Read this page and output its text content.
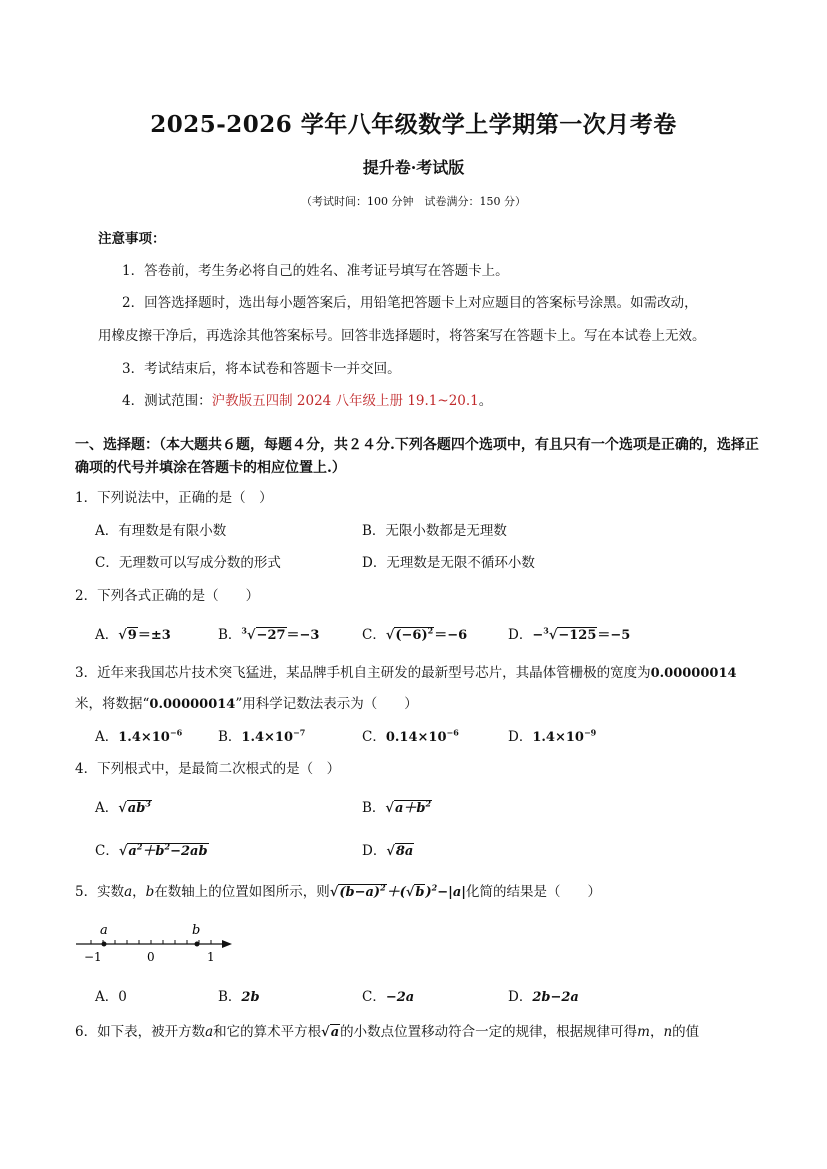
2025-2026 学年八年级数学上学期第一次月考卷
提升卷·考试版
（考试时间：100 分钟　试卷满分：150 分）
注意事项：
1．答卷前，考生务必将自己的姓名、准考证号填写在答题卡上。
2．回答选择题时，选出每小题答案后，用铅笔把答题卡上对应题目的答案标号涂黑。如需改动，
用橡皮擦干净后，再选涂其他答案标号。回答非选择题时，将答案写在答题卡上。写在本试卷上无效。
3．考试结束后，将本试卷和答题卡一并交回。
4．测试范围：沪教版五四制 2024 八年级上册 19.1~20.1。
一、选择题：（本大题共６题，每题４分，共２４分.下列各题四个选项中，有且只有一个选项是正确的，选择正确项的代号并填涂在答题卡的相应位置上.）
1．下列说法中，正确的是（　）
A．有理数是有限小数	B．无限小数都是无理数
C．无理数可以写成分数的形式	D．无理数是无限不循环小数
2．下列各式正确的是（　　）
A．√9＝±3	B．$^3$√−27＝−3	C．$√(-6)^2=-6$	D．−$^3$√−125＝−5
3．近年来我国芯片技术突飞猛进，某品牌手机自主研发的最新型号芯片，其晶体管栅极的宽度为0.00000014
米，将数据“0.00000014”用科学记数法表示为（　　）
A．$1.4\times 10^{-6}$	B．$1.4\times 10^{-7}$	C．$0.14\times 10^{-6}$	D．$1.4\times 10^{-9}$
4．下列根式中，是最简二次根式的是（　）
A．$√ab^3$	B．$√a+b^2$
C．$√a^2+b^2-2ab$	D．√8a
5．实数a，b在数轴上的位置如图所示，则$√(b-a)^2+(√b)^2-|a|$化简的结果是（　　）
a	b
−1	0	1
A．0	B．2b	C．−2a	D．2b−2a
6．如下表，被开方数a和它的算术平方根√a的小数点位置移动符合一定的规律，根据规律可得m，n的值
